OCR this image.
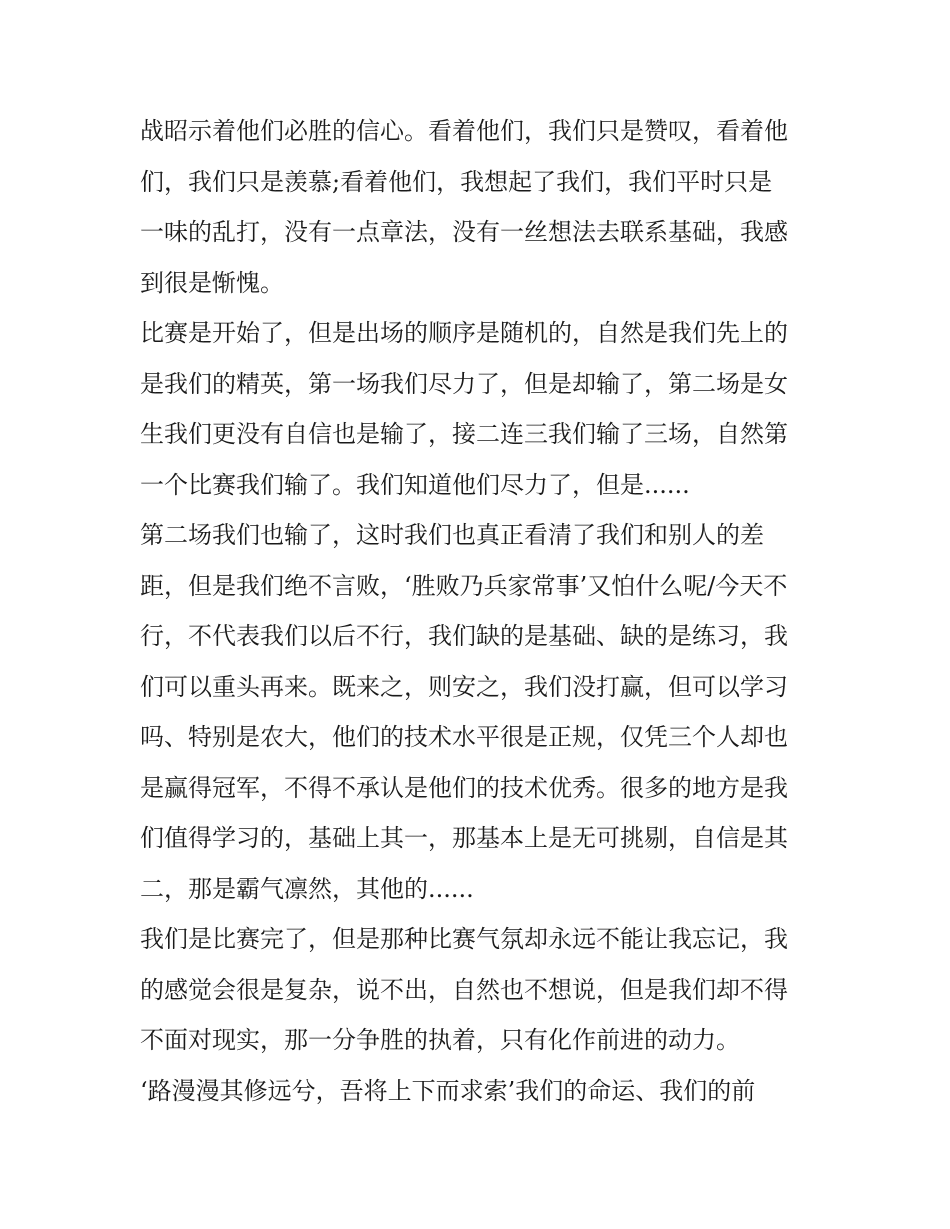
战昭示着他们必胜的信心。看着他们，我们只是赞叹，看着他
们，我们只是羡慕;看着他们，我想起了我们，我们平时只是
一味的乱打，没有一点章法，没有一丝想法去联系基础，我感
到很是惭愧。
比赛是开始了，但是出场的顺序是随机的，自然是我们先上的
是我们的精英，第一场我们尽力了，但是却输了，第二场是女
生我们更没有自信也是输了，接二连三我们输了三场，自然第
一个比赛我们输了。我们知道他们尽力了，但是......
第二场我们也输了，这时我们也真正看清了我们和别人的差
距，但是我们绝不言败，‘胜败乃兵家常事’又怕什么呢/今天不
行，不代表我们以后不行，我们缺的是基础、缺的是练习，我
们可以重头再来。既来之，则安之，我们没打赢，但可以学习
吗、特别是农大，他们的技术水平很是正规，仅凭三个人却也
是赢得冠军，不得不承认是他们的技术优秀。很多的地方是我
们值得学习的，基础上其一，那基本上是无可挑剔，自信是其
二，那是霸气凛然，其他的......
我们是比赛完了，但是那种比赛气氛却永远不能让我忘记，我
的感觉会很是复杂，说不出，自然也不想说，但是我们却不得
不面对现实，那一分争胜的执着，只有化作前进的动力。
‘路漫漫其修远兮，吾将上下而求索’我们的命运、我们的前
